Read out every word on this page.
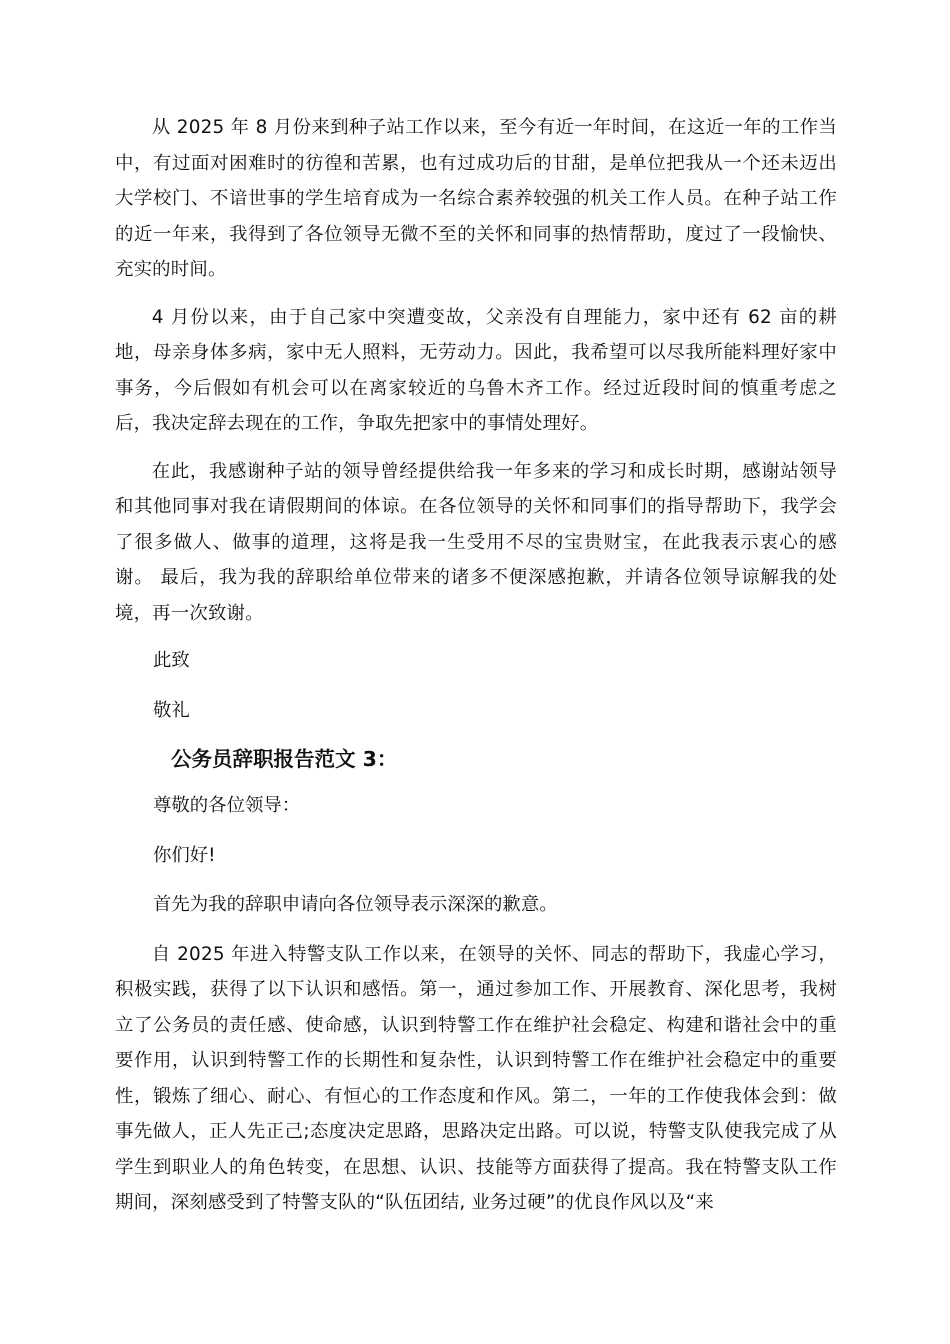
从 2025 年 8 月份来到种子站工作以来，至今有近一年时间，在这近一年的工作当中，有过面对困难时的彷徨和苦累，也有过成功后的甘甜，是单位把我从一个还未迈出大学校门、不谙世事的学生培育成为一名综合素养较强的机关工作人员。在种子站工作的近一年来，我得到了各位领导无微不至的关怀和同事的热情帮助，度过了一段愉快、充实的时间。

4 月份以来，由于自己家中突遭变故，父亲没有自理能力，家中还有 62 亩的耕地，母亲身体多病，家中无人照料，无劳动力。因此，我希望可以尽我所能料理好家中事务，今后假如有机会可以在离家较近的乌鲁木齐工作。经过近段时间的慎重考虑之后，我决定辞去现在的工作，争取先把家中的事情处理好。

在此，我感谢种子站的领导曾经提供给我一年多来的学习和成长时期，感谢站领导和其他同事对我在请假期间的体谅。在各位领导的关怀和同事们的指导帮助下，我学会了很多做人、做事的道理，这将是我一生受用不尽的宝贵财宝，在此我表示衷心的感谢。 最后，我为我的辞职给单位带来的诸多不便深感抱歉，并请各位领导谅解我的处境，再一次致谢。

此致

敬礼

公务员辞职报告范文 3：

尊敬的各位领导：

你们好!

首先为我的辞职申请向各位领导表示深深的歉意。

自 2025 年进入特警支队工作以来，在领导的关怀、同志的帮助下，我虚心学习，积极实践，获得了以下认识和感悟。第一，通过参加工作、开展教育、深化思考，我树立了公务员的责任感、使命感，认识到特警工作在维护社会稳定、构建和谐社会中的重要作用，认识到特警工作的长期性和复杂性，认识到特警工作在维护社会稳定中的重要性，锻炼了细心、耐心、有恒心的工作态度和作风。第二，一年的工作使我体会到：做事先做人，正人先正己;态度决定思路，思路决定出路。可以说，特警支队使我完成了从学生到职业人的角色转变，在思想、认识、技能等方面获得了提高。我在特警支队工作期间，深刻感受到了特警支队的“队伍团结, 业务过硬”的优良作风以及“来
